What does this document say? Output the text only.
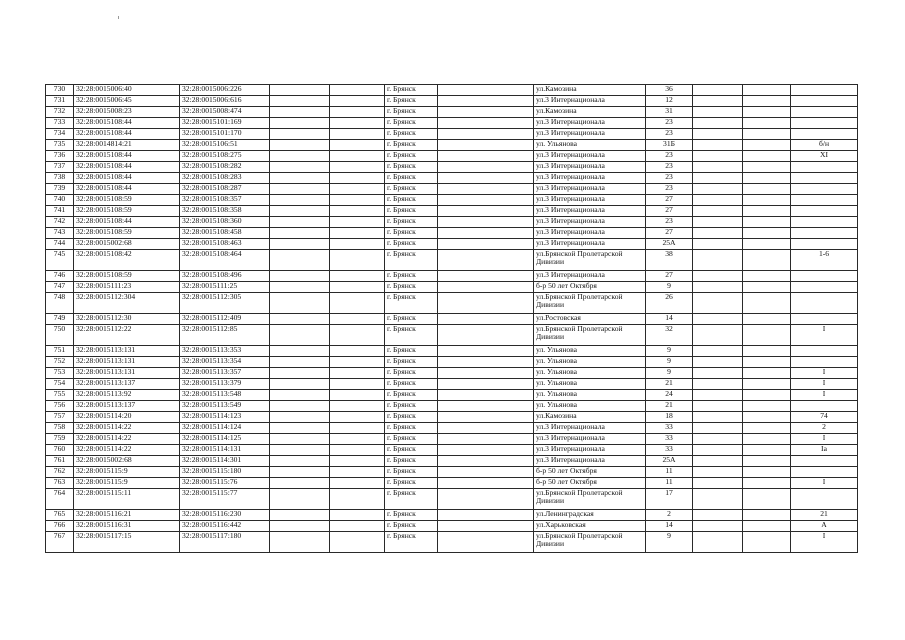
730	32:28:0015006:40	32:28:0015006:226			г. Брянск		ул.Камозина	36			
731	32:28:0015006:45	32:28:0015006:616			г. Брянск		ул.3 Интернационала	12			
732	32:28:0015008:23	32:28:0015008:474			г. Брянск		ул.Камозина	31			
733	32:28:0015108:44	32:28:0015101:169			г. Брянск		ул.3 Интернационала	23			
734	32:28:0015108:44	32:28:0015101:170			г. Брянск		ул.3 Интернационала	23			
735	32:28:0014814:21	32:28:0015106:51			г. Брянск		ул. Ульянова	31Б			б/н
736	32:28:0015108:44	32:28:0015108:275			г. Брянск		ул.3 Интернационала	23			XI
737	32:28:0015108:44	32:28:0015108:282			г. Брянск		ул.3 Интернационала	23			
738	32:28:0015108:44	32:28:0015108:283			г. Брянск		ул.3 Интернационала	23			
739	32:28:0015108:44	32:28:0015108:287			г. Брянск		ул.3 Интернационала	23			
740	32:28:0015108:59	32:28:0015108:357			г. Брянск		ул.3 Интернационала	27			
741	32:28:0015108:59	32:28:0015108:358			г. Брянск		ул.3 Интернационала	27			
742	32:28:0015108:44	32:28:0015108:360			г. Брянск		ул.3 Интернационала	23			
743	32:28:0015108:59	32:28:0015108:458			г. Брянск		ул.3 Интернационала	27			
744	32:28:0015002:68	32:28:0015108:463			г. Брянск		ул.3 Интернационала	25А			
745	32:28:0015108:42	32:28:0015108:464			г. Брянск		ул.Брянской Пролетарской Дивизии	38			1-6
746	32:28:0015108:59	32:28:0015108:496			г. Брянск		ул.3 Интернационала	27			
747	32:28:0015111:23	32:28:0015111:25			г. Брянск		б-р 50 лет Октября	9			
748	32:28:0015112:304	32:28:0015112:305			г. Брянск		ул.Брянской Пролетарской Дивизии	26			
749	32:28:0015112:30	32:28:0015112:409			г. Брянск		ул.Ростовская	14			
750	32:28:0015112:22	32:28:0015112:85			г. Брянск		ул.Брянской Пролетарской Дивизии	32			I
751	32:28:0015113:131	32:28:0015113:353			г. Брянск		ул. Ульянова	9			
752	32:28:0015113:131	32:28:0015113:354			г. Брянск		ул. Ульянова	9			
753	32:28:0015113:131	32:28:0015113:357			г. Брянск		ул. Ульянова	9			I
754	32:28:0015113:137	32:28:0015113:379			г. Брянск		ул. Ульянова	21			I
755	32:28:0015113:92	32:28:0015113:548			г. Брянск		ул. Ульянова	24			I
756	32:28:0015113:137	32:28:0015113:549			г. Брянск		ул. Ульянова	21			
757	32:28:0015114:20	32:28:0015114:123			г. Брянск		ул.Камозина	18			74
758	32:28:0015114:22	32:28:0015114:124			г. Брянск		ул.3 Интернационала	33			2
759	32:28:0015114:22	32:28:0015114:125			г. Брянск		ул.3 Интернационала	33			I
760	32:28:0015114:22	32:28:0015114:131			г. Брянск		ул.3 Интернационала	33			Iа
761	32:28:0015002:68	32:28:0015114:301			г. Брянск		ул.3 Интернационала	25А			
762	32:28:0015115:9	32:28:0015115:180			г. Брянск		б-р 50 лет Октября	11			
763	32:28:0015115:9	32:28:0015115:76			г. Брянск		б-р 50 лет Октября	11			I
764	32:28:0015115:11	32:28:0015115:77			г. Брянск		ул.Брянской Пролетарской Дивизии	17			
765	32:28:0015116:21	32:28:0015116:230			г. Брянск		ул.Ленинградская	2			21
766	32:28:0015116:31	32:28:0015116:442			г. Брянск		ул.Харьковская	14			А
767	32:28:0015117:15	32:28:0015117:180			г. Брянск		ул.Брянской Пролетарской Дивизии	9			I
